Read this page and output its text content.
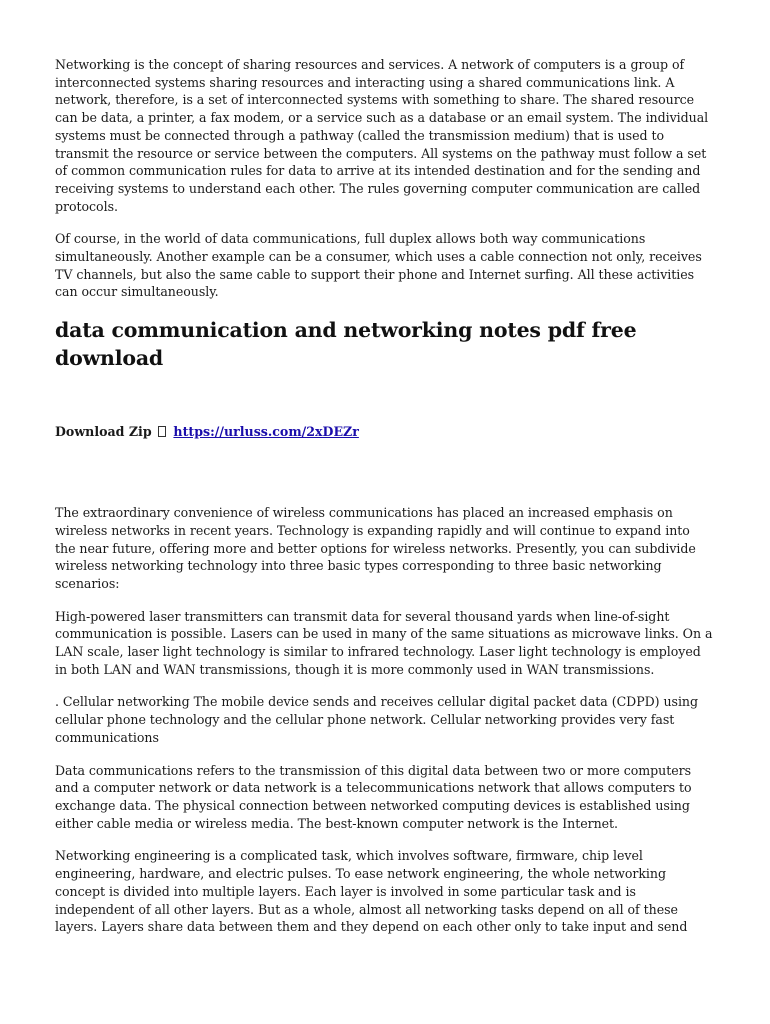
Networking is the concept of sharing resources and services. A network of computers is a group of interconnected systems sharing resources and interacting using a shared communications link. A network, therefore, is a set of interconnected systems with something to share. The shared resource can be data, a printer, a fax modem, or a service such as a database or an email system. The individual systems must be connected through a pathway (called the transmission medium) that is used to transmit the resource or service between the computers. All systems on the pathway must follow a set of common communication rules for data to arrive at its intended destination and for the sending and receiving systems to understand each other. The rules governing computer communication are called protocols.

Of course, in the world of data communications, full duplex allows both way communications simultaneously. Another example can be a consumer, which uses a cable connection not only, receives TV channels, but also the same cable to support their phone and Internet surfing. All these activities can occur simultaneously.

data communication and networking notes pdf free download
Download Zip https://urluss.com/2xDEZr

The extraordinary convenience of wireless communications has placed an increased emphasis on wireless networks in recent years. Technology is expanding rapidly and will continue to expand into the near future, offering more and better options for wireless networks. Presently, you can subdivide wireless networking technology into three basic types corresponding to three basic networking scenarios:

High-powered laser transmitters can transmit data for several thousand yards when line-of-sight communication is possible. Lasers can be used in many of the same situations as microwave links. On a LAN scale, laser light technology is similar to infrared technology. Laser light technology is employed in both LAN and WAN transmissions, though it is more commonly used in WAN transmissions.

. Cellular networking The mobile device sends and receives cellular digital packet data (CDPD) using cellular phone technology and the cellular phone network. Cellular networking provides very fast communications

Data communications refers to the transmission of this digital data between two or more computers and a computer network or data network is a telecommunications network that allows computers to exchange data. The physical connection between networked computing devices is established using either cable media or wireless media. The best-known computer network is the Internet.

Networking engineering is a complicated task, which involves software, firmware, chip level engineering, hardware, and electric pulses. To ease network engineering, the whole networking concept is divided into multiple layers. Each layer is involved in some particular task and is independent of all other layers. But as a whole, almost all networking tasks depend on all of these layers. Layers share data between them and they depend on each other only to take input and send
